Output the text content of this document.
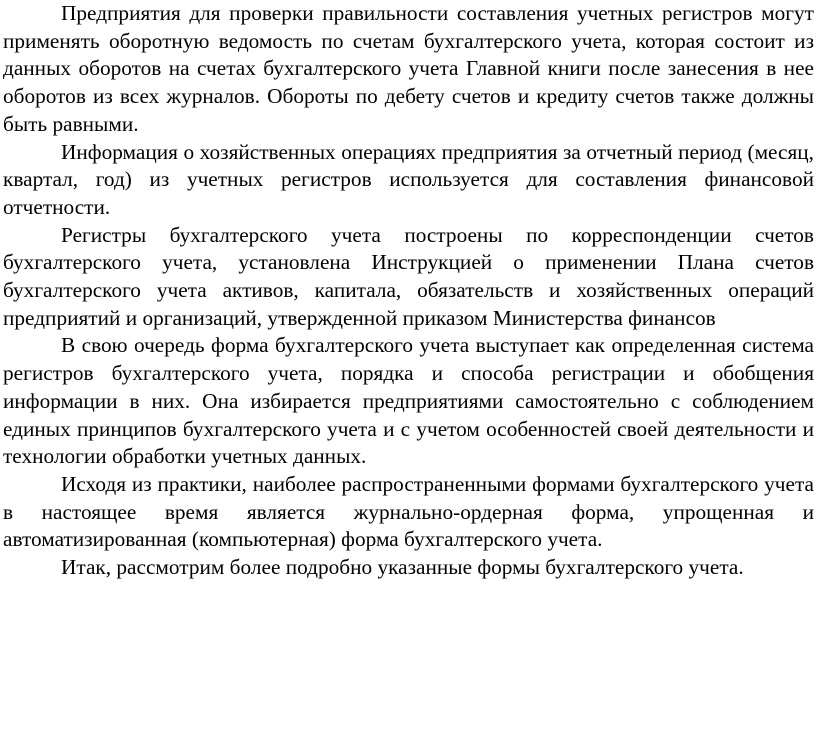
Предприятия для проверки правильности составления учетных регистров могут применять оборотную ведомость по счетам бухгалтерского учета, которая состоит из данных оборотов на счетах бухгалтерского учета Главной книги после занесения в нее оборотов из всех журналов. Обороты по дебету счетов и кредиту счетов также должны быть равными.

Информация о хозяйственных операциях предприятия за отчетный период (месяц, квартал, год) из учетных регистров используется для составления финансовой отчетности.

Регистры бухгалтерского учета построены по корреспонденции счетов бухгалтерского учета, установлена Инструкцией о применении Плана счетов бухгалтерского учета активов, капитала, обязательств и хозяйственных операций предприятий и организаций, утвержденной приказом Министерства финансов

В свою очередь форма бухгалтерского учета выступает как определенная система регистров бухгалтерского учета, порядка и способа регистрации и обобщения информации в них. Она избирается предприятиями самостоятельно с соблюдением единых принципов бухгалтерского учета и с учетом особенностей своей деятельности и технологии обработки учетных данных.

Исходя из практики, наиболее распространенными формами бухгалтерского учета в настоящее время является журнально-ордерная форма, упрощенная и автоматизированная (компьютерная) форма бухгалтерского учета.

Итак, рассмотрим более подробно указанные формы бухгалтерского учета.
